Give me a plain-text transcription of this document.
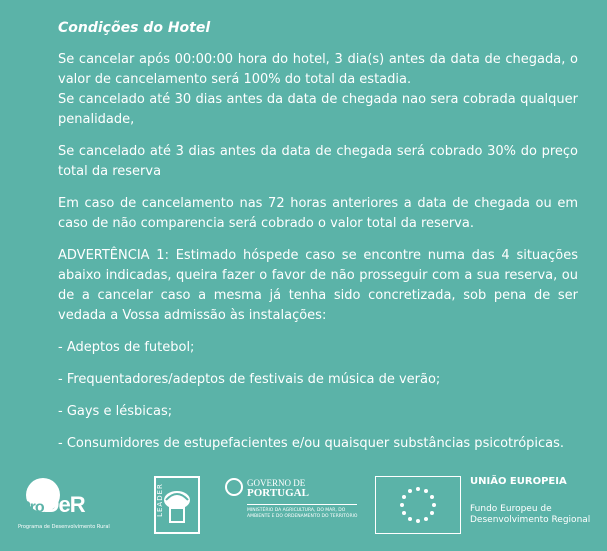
Condições do Hotel

Se cancelar após 00:00:00 hora do hotel, 3 dia(s) antes da data de chegada, o valor de cancelamento será 100% do total da estadia.

Se cancelado até 30 dias antes da data de chegada nao sera cobrada qualquer penalidade,

Se cancelado até 3 dias antes da data de chegada será cobrado 30% do preço total da reserva

Em caso de cancelamento nas 72 horas anteriores a data de chegada ou em caso de não comparencia será cobrado o valor total da reserva.

ADVERTÊNCIA 1: Estimado hóspede caso se encontre numa das 4 situações abaixo indicadas, queira fazer o favor de não prosseguir com a sua reserva, ou de a cancelar caso a mesma já tenha sido concretizada, sob pena de ser vedada a Vossa admissão às instalações:

- Adeptos de futebol;
- Frequentadores/adeptos de festivais de música de verão;
- Gays e lésbicas;
- Consumidores de estupefacientes e/ou quaisquer substâncias psicotrópicas.
ProDeR
Programa de Desenvolvimento Rural
LEADER
GOVERNO DE
PORTUGAL
MINISTÉRIO DA AGRICULTURA, DO MAR, DO AMBIENTE E DO ORDENAMENTO DO TERRITÓRIO
UNIÃO EUROPEIA
Fundo Europeu de
Desenvolvimento Regional
